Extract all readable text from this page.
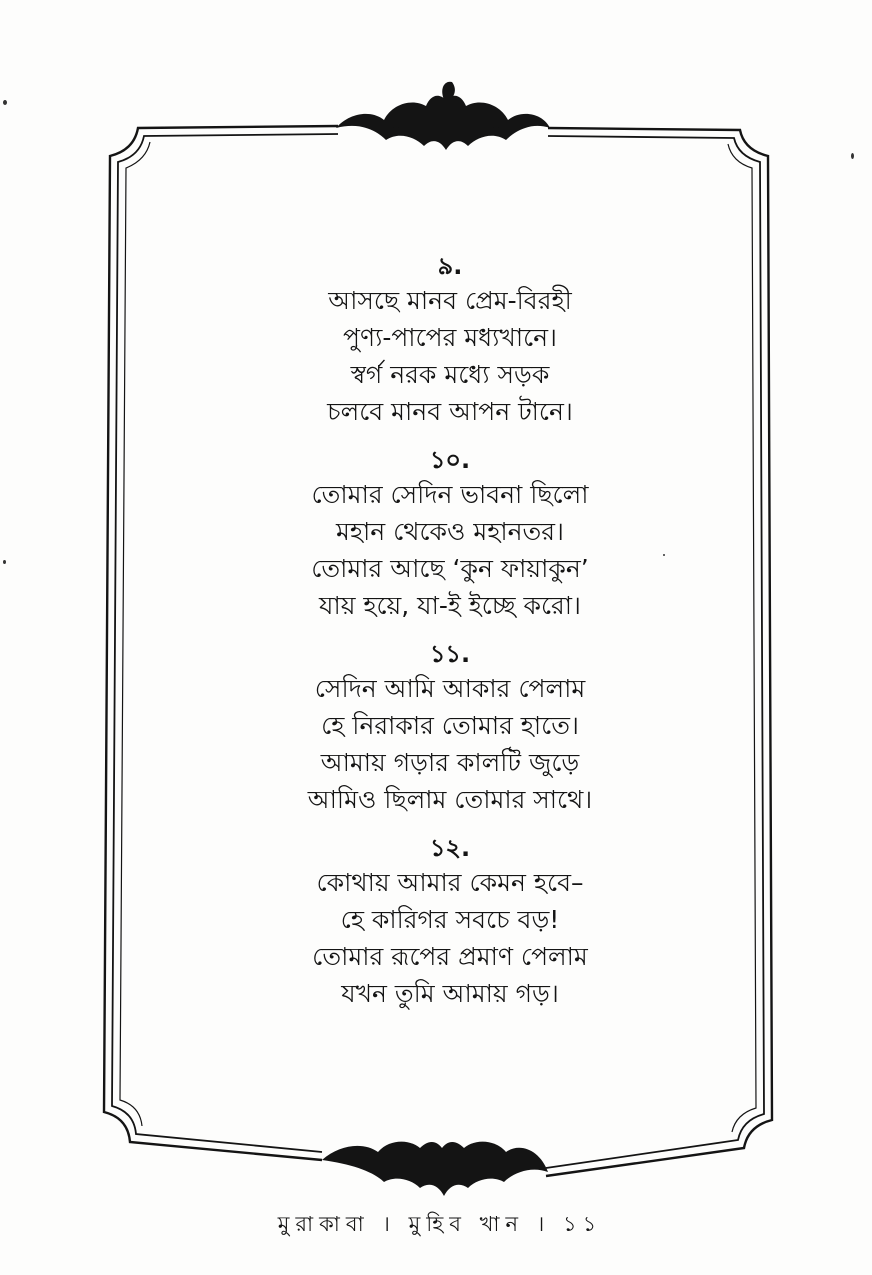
৯.
আসছে মানব প্রেম-বিরহী
পুণ্য-পাপের মধ্যখানে।
স্বর্গ নরক মধ্যে সড়ক
চলবে মানব আপন টানে।
১০.
তোমার সেদিন ভাবনা ছিলো
মহান থেকেও মহানতর।
তোমার আছে ‘কুন ফায়াকুন’
যায় হয়ে, যা-ই ইচ্ছে করো।
১১.
সেদিন আমি আকার পেলাম
হে নিরাকার তোমার হাতে।
আমায় গড়ার কালটি জুড়ে
আমিও ছিলাম তোমার সাথে।
১২.
কোথায় আমার কেমন হবে–
হে কারিগর সবচে বড়!
তোমার রূপের প্রমাণ পেলাম
যখন তুমি আমায় গড়।
মুরাকাবা । মুহিব খান । ১১
